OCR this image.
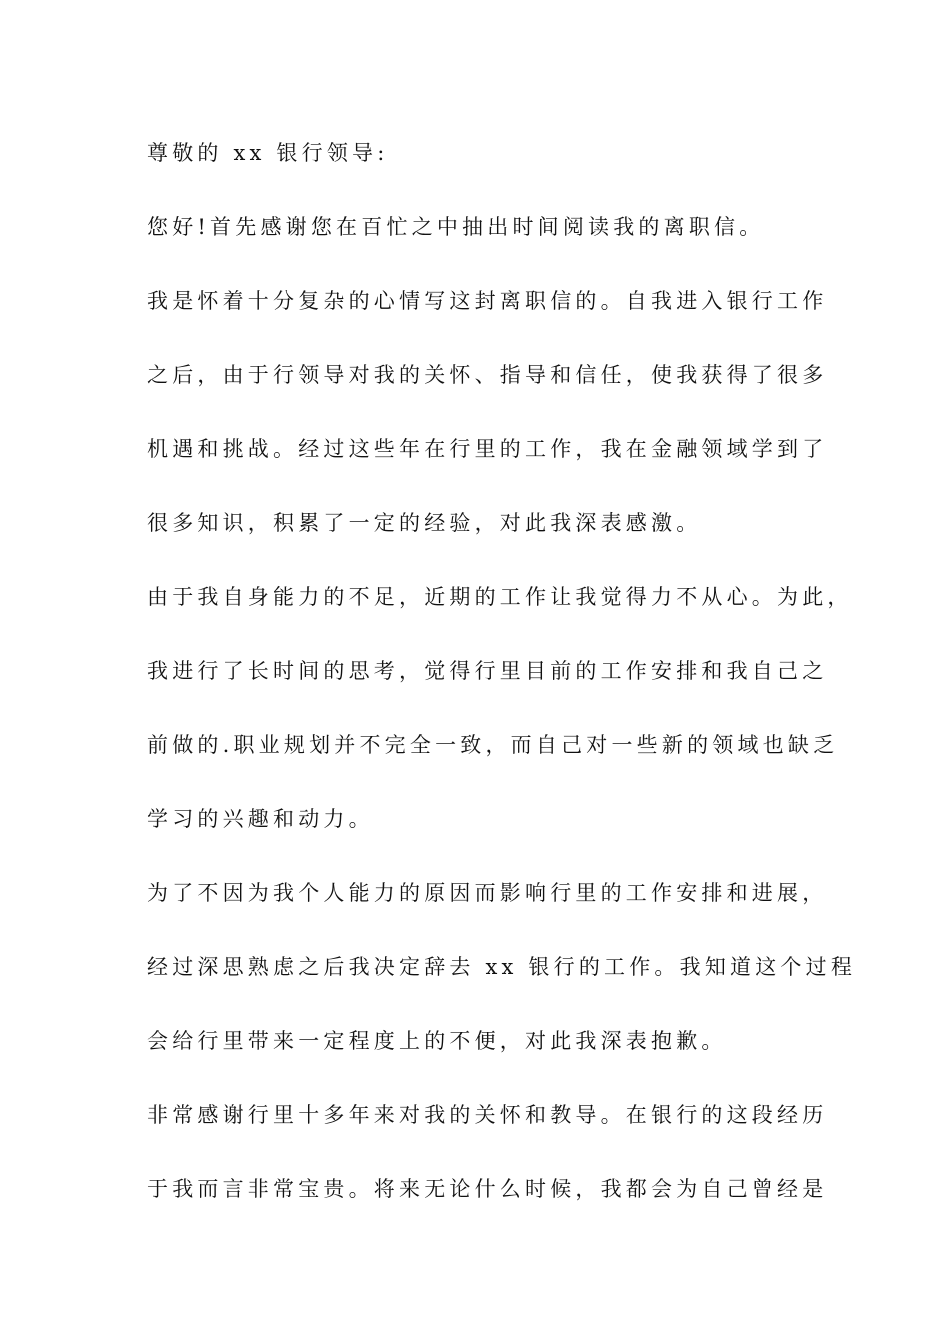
尊敬的 xx 银行领导:
您好!首先感谢您在百忙之中抽出时间阅读我的离职信。
我是怀着十分复杂的心情写这封离职信的。自我进入银行工作
之后，由于行领导对我的关怀、指导和信任，使我获得了很多
机遇和挑战。经过这些年在行里的工作，我在金融领域学到了
很多知识，积累了一定的经验，对此我深表感激。
由于我自身能力的不足，近期的工作让我觉得力不从心。为此，
我进行了长时间的思考，觉得行里目前的工作安排和我自己之
前做的.职业规划并不完全一致，而自己对一些新的领域也缺乏
学习的兴趣和动力。
为了不因为我个人能力的原因而影响行里的工作安排和进展，
经过深思熟虑之后我决定辞去 xx 银行的工作。我知道这个过程
会给行里带来一定程度上的不便，对此我深表抱歉。
非常感谢行里十多年来对我的关怀和教导。在银行的这段经历
于我而言非常宝贵。将来无论什么时候，我都会为自己曾经是
